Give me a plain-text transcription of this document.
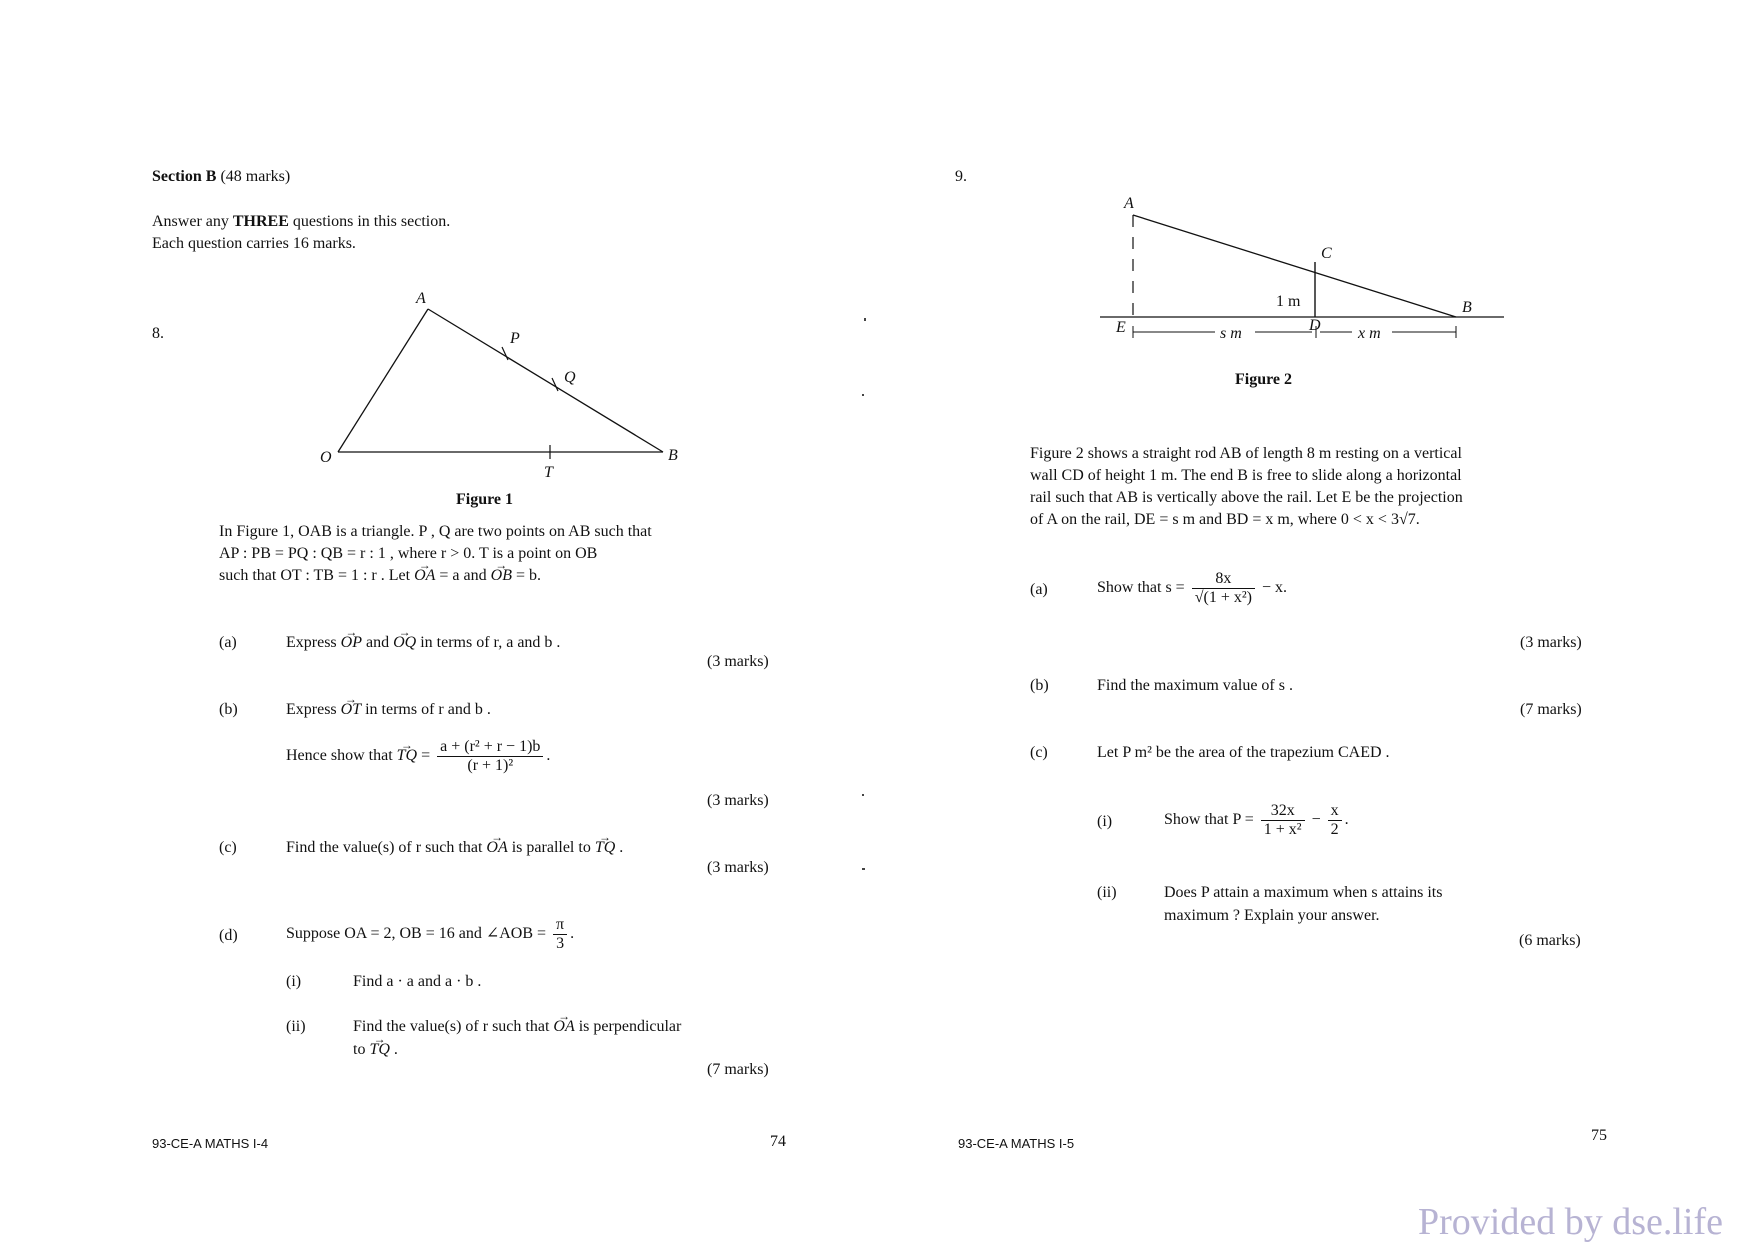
Section B (48 marks)
Answer any THREE questions in this section.
Each question carries 16 marks.
8.
A
P
Q
O
T
B
Figure 1
In Figure 1, OAB is a triangle. P , Q are two points on AB such that
AP : PB = PQ : QB = r : 1 , where r > 0. T is a point on OB
such that OT : TB = 1 : r . Let → OA = a and → OB = b.
(a)	Express → OP and → OQ in terms of r, a and b .
(3 marks)
(b)	Express → OT in terms of r and b .
Hence show that → TQ = $\frac{\text{a + (r² + r − 1)b}}{\text{(r + 1)²}}$ .
(3 marks)
(c)	Find the value(s) of r such that → OA is parallel to → TQ .
(3 marks)
(d)	Suppose OA = 2, OB = 16 and ∠AOB = $\frac{\pi}{3}$ .
(i)	Find a · a and a · b .
(ii)	Find the value(s) of r such that → OA is perpendicular
to → TQ .
(7 marks)
93-CE-A MATHS I-4	74
9.
A
C
B
E	D
1 m
s m	x m
Figure 2
Figure 2 shows a straight rod AB of length 8 m resting on a vertical
wall CD of height 1 m. The end B is free to slide along a horizontal
rail such that AB is vertically above the rail. Let E be the projection
of A on the rail, DE = s m and BD = x m, where 0 < x < 3√7.
(a)	Show that $s = \frac{8x}{\text{√(1 + x²)}} - x$.
(3 marks)
(b)	Find the maximum value of s .
(7 marks)
(c)	Let P m² be the area of the trapezium CAED .
(i)	Show that $P = \frac{32x}{\text{1 + x²}} - \frac{x}{2}$ .
(ii)	Does P attain a maximum when s attains its
maximum ? Explain your answer.
(6 marks)
93-CE-A MATHS I-5	75
Provided by dse.life
